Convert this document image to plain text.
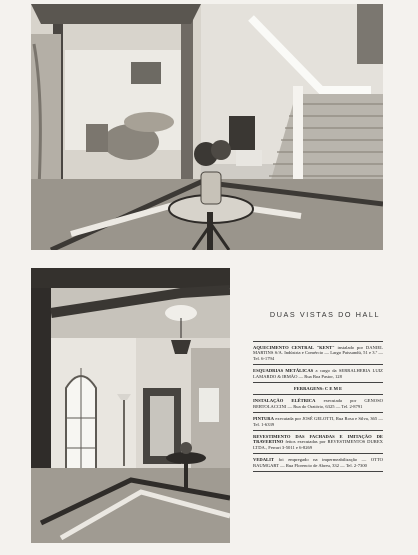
DUAS VISTAS DO HALL
AQUECIMENTO CENTRAL "KENT" instalado por DANIEL MARTINS S/A. Indústria e Comércio — Largo Paissandú, 51 e 3.º — Tel. 6-1794
ESQUADRIAS METÁLICAS a cargo da SERRALHERIA LUIZ LAMARDO & IRMÃO — Rua Boa Pastor, 128
FERRAGENS: C E M E
INSTALAÇÃO ELÉTRICA executada por GENOSO BERTOLACCINI — Rua do Oratório, 6325 — Tel. 2-8791
PINTURA executada por JOSÉ GELOTTI, Rua Rosa e Silva, 365 — Tel. 1-6339
REVESTIMENTO DAS FACHADAS E IMITAÇÃO DE TRAVERTINO feitos executadas por REVESTIMENTOS DUREX LTDA., Ferrari 3-5011 e 6-8269
VEDALIT foi empregado na impermeabilização — OTTO BAUMGART — Rua Florencio de Abreu, 332 — Tel. 2-7300
